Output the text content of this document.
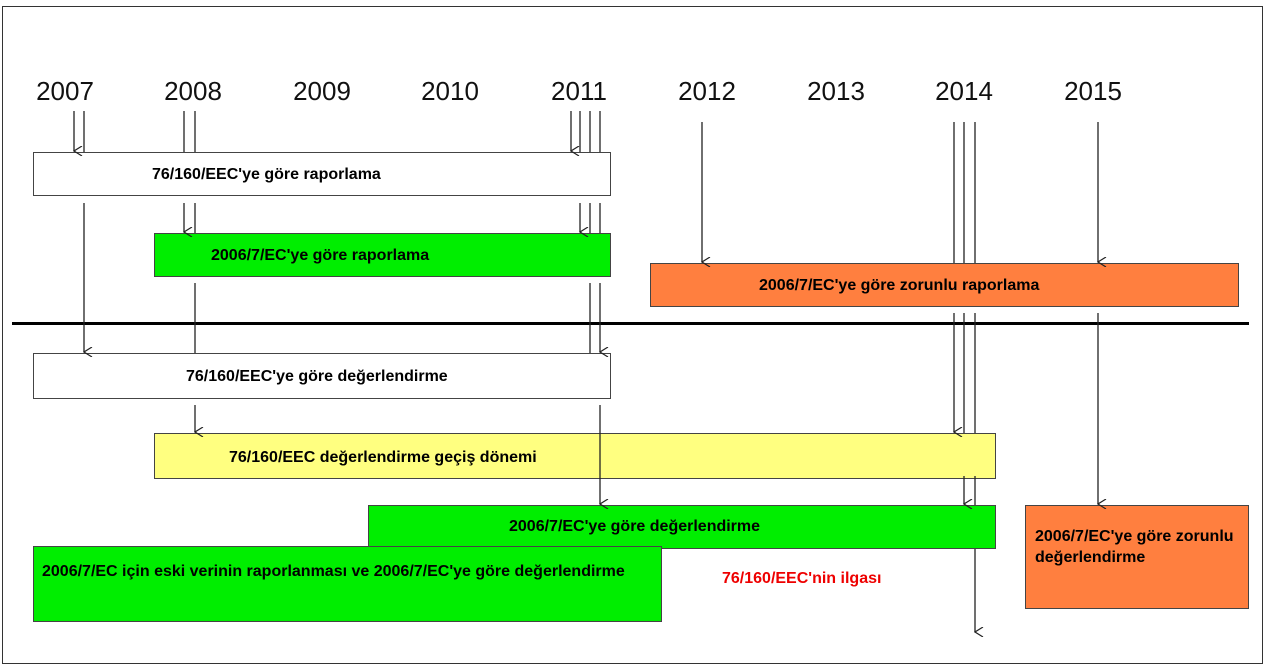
2007	2008	2009	2010	2011	2012	2013	2014	2015
76/160/EEC'ye göre raporlama
2006/7/EC'ye göre raporlama
2006/7/EC'ye göre zorunlu raporlama
76/160/EEC'ye göre değerlendirme
76/160/EEC değerlendirme geçiş dönemi
2006/7/EC'ye göre değerlendirme
2006/7/EC için eski verinin raporlanması ve 2006/7/EC'ye göre değerlendirme
2006/7/EC'ye göre zorunlu değerlendirme
76/160/EEC'nin ilgası
